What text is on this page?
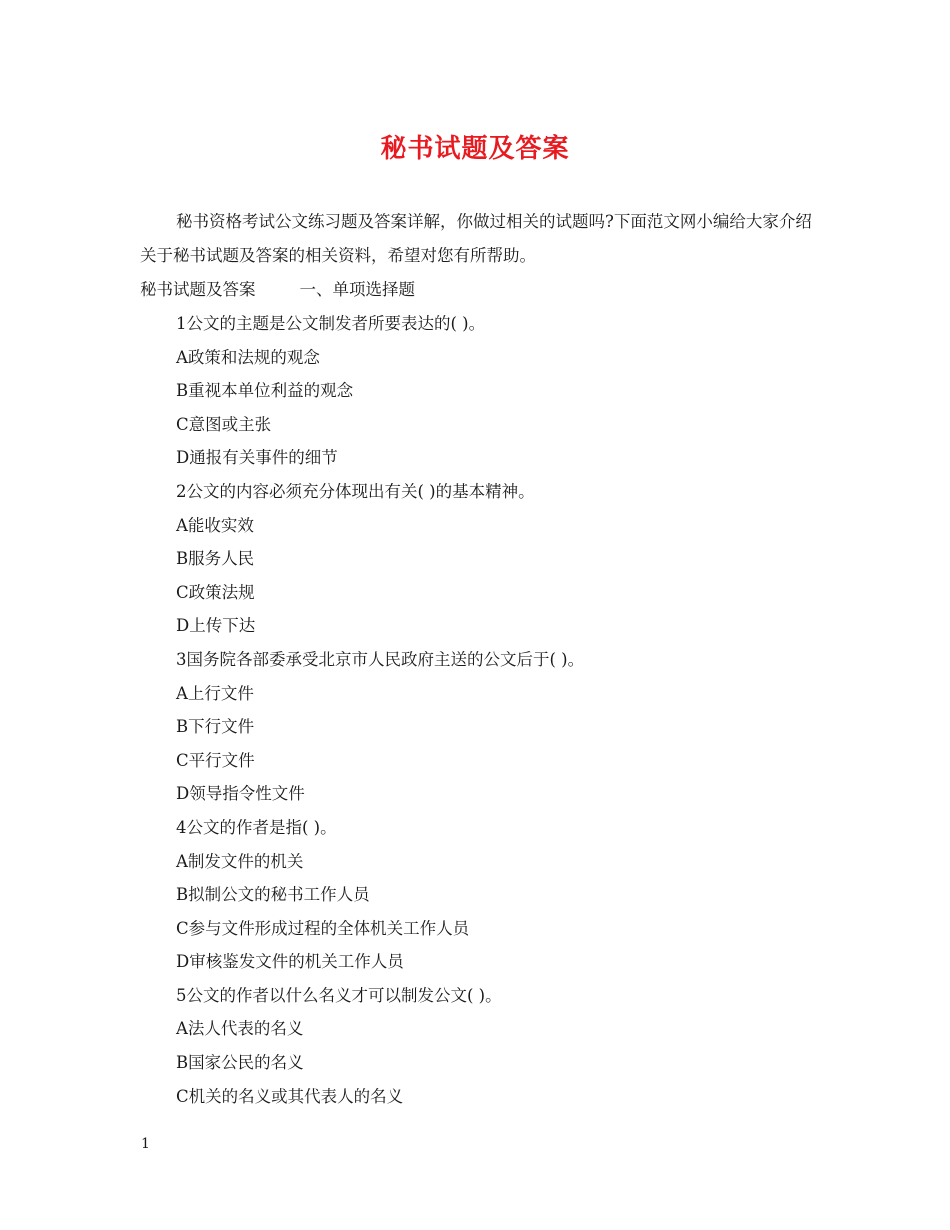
秘书试题及答案

秘书资格考试公文练习题及答案详解，你做过相关的试题吗?下面范文网小编给大家介绍关于秘书试题及答案的相关资料，希望对您有所帮助。

秘书试题及答案	一、单项选择题

1公文的主题是公文制发者所要表达的( )。

A政策和法规的观念

B重视本单位利益的观念

C意图或主张

D通报有关事件的细节

2公文的内容必须充分体现出有关( )的基本精神。

A能收实效

B服务人民

C政策法规

D上传下达

3国务院各部委承受北京市人民政府主送的公文后于( )。

A上行文件

B下行文件

C平行文件

D领导指令性文件

4公文的作者是指( )。

A制发文件的机关

B拟制公文的秘书工作人员

C参与文件形成过程的全体机关工作人员

D审核鉴发文件的机关工作人员

5公文的作者以什么名义才可以制发公文( )。

A法人代表的名义

B国家公民的名义

C机关的名义或其代表人的名义

1
